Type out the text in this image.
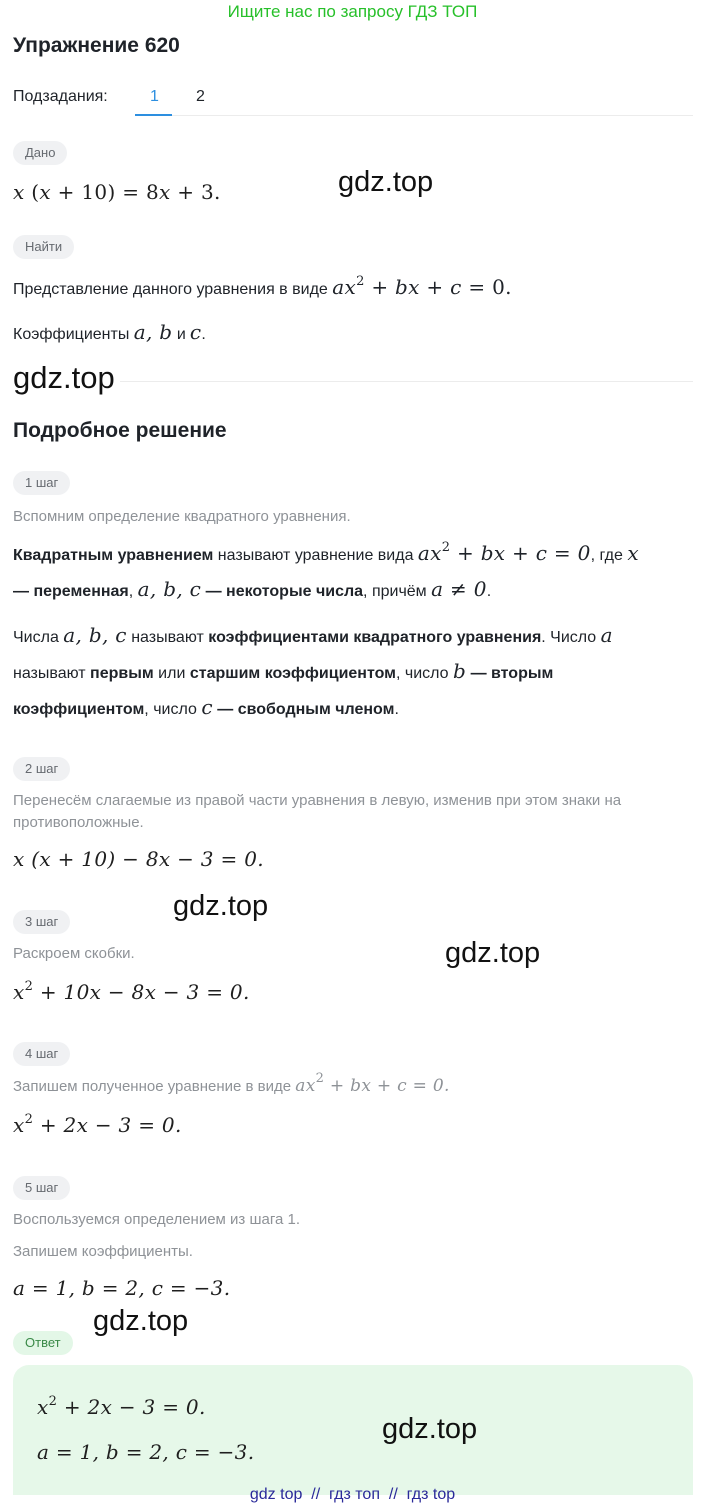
Ищите нас по запросу ГДЗ ТОП
Упражнение 620
Подзадания:	1 2
Дано
x (x + 10) = 8x + 3.
Найти
Представление данного уравнения в виде $ax^2$ + bx + c = 0.
Коэффициенты a, b и c.
Подробное решение
1 шаг
Вспомним определение квадратного уравнения.
Квадратным уравнением называют уравнение вида $ax^2$ + bx + c = 0, где x
— переменная, a, b, c — некоторые числа, причём a ≠ 0.
Числа a, b, c называют коэффициентами квадратного уравнения. Число a
называют первым или старшим коэффициентом, число b — вторым
коэффициентом, число c — свободным членом.
2 шаг
Перенесём слагаемые из правой части уравнения в левую, изменив при этом знаки на
противоположные.
x (x + 10) − 8x − 3 = 0.
3 шаг
Раскроем скобки.
$x^2 + 10x - 8x - 3 = 0$.
4 шаг
Запишем полученное уравнение в виде $ax^2$ + bx + c = 0.
$x^2 + 2x - 3 = 0$.
5 шаг
Воспользуемся определением из шага 1.
Запишем коэффициенты.
a = 1, b = 2, c = −3.
Ответ
$x^2 + 2x - 3 = 0$.
a = 1, b = 2, c = −3.
gdz.top
gdz.top
gdz.top
gdz.top
gdz.top
gdz.top
gdz top  //  гдз топ  //  гдз top
